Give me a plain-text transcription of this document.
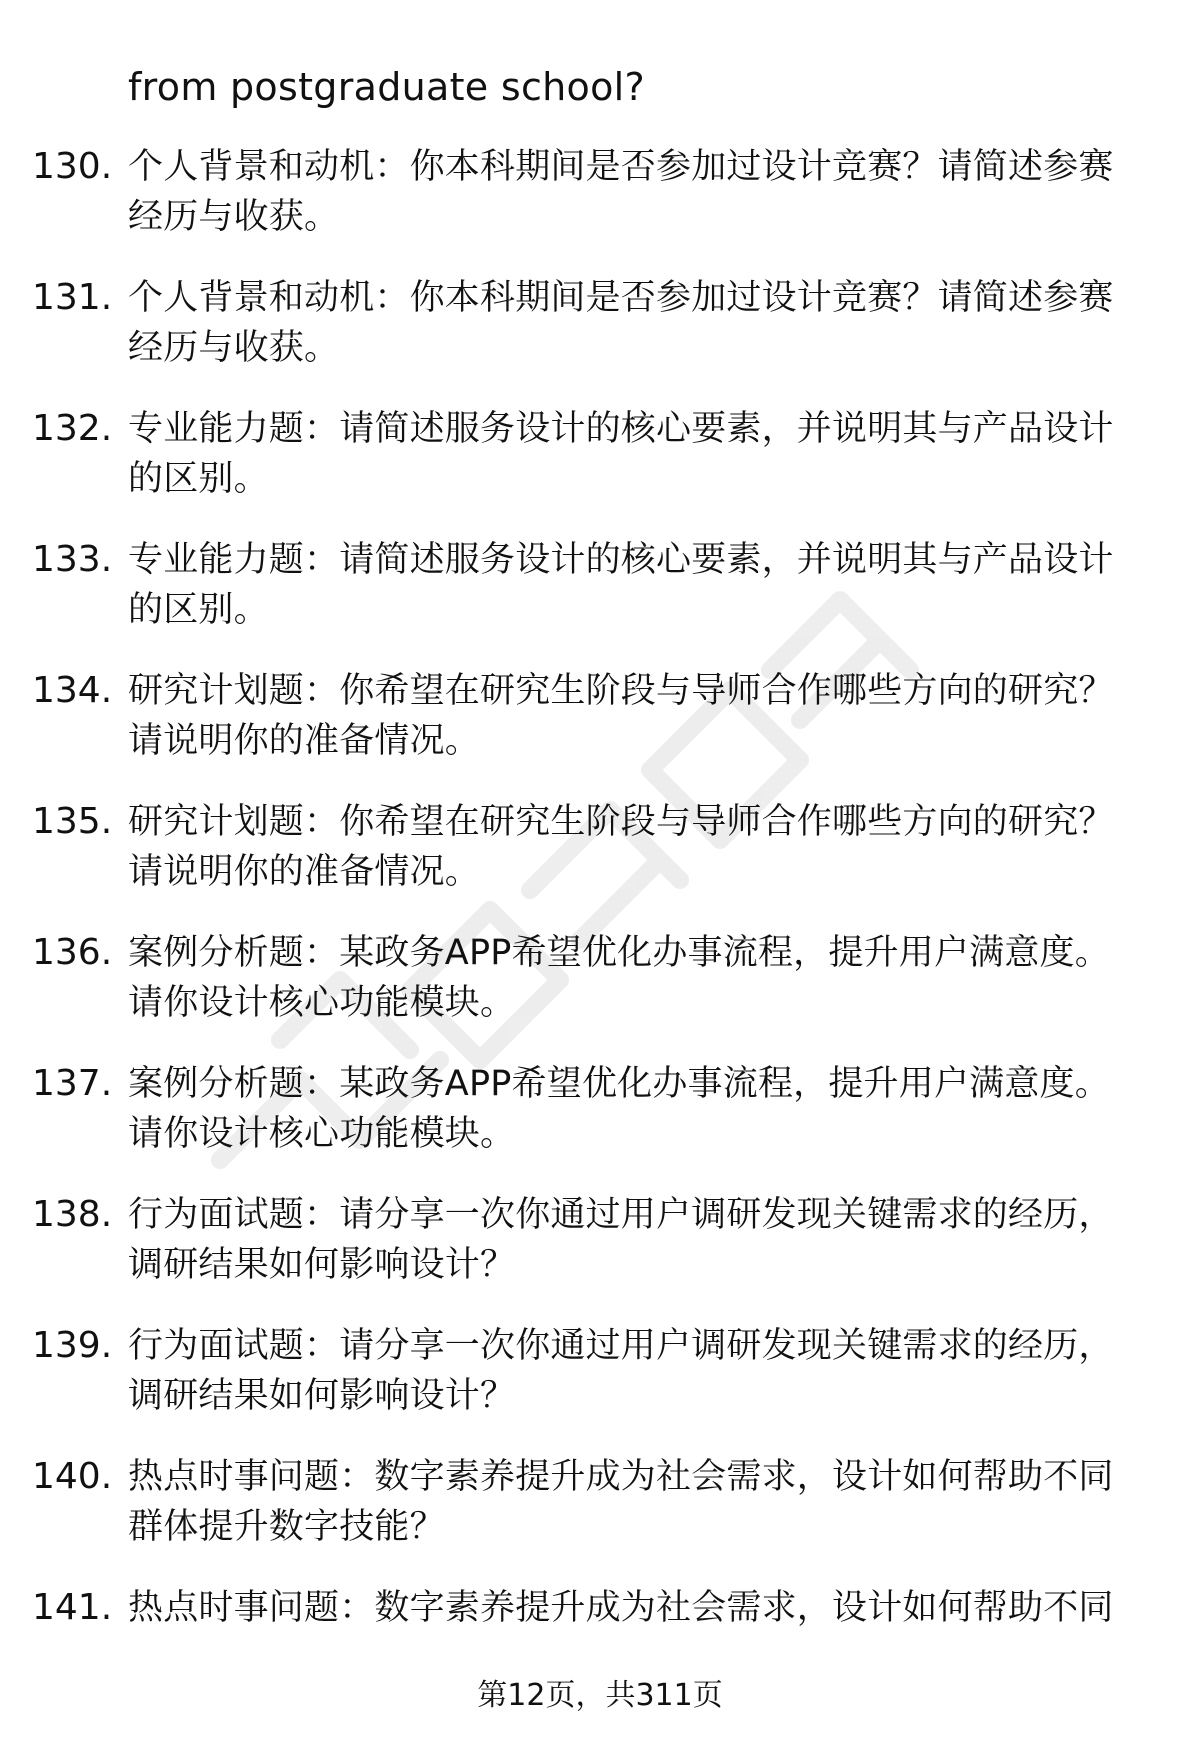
from postgraduate school?
130. 个人背景和动机：你本科期间是否参加过设计竞赛？请简述参赛经历与收获。
131. 个人背景和动机：你本科期间是否参加过设计竞赛？请简述参赛经历与收获。
132. 专业能力题：请简述服务设计的核心要素，并说明其与产品设计的区别。
133. 专业能力题：请简述服务设计的核心要素，并说明其与产品设计的区别。
134. 研究计划题：你希望在研究生阶段与导师合作哪些方向的研究？请说明你的准备情况。
135. 研究计划题：你希望在研究生阶段与导师合作哪些方向的研究？请说明你的准备情况。
136. 案例分析题：某政务APP希望优化办事流程，提升用户满意度。请你设计核心功能模块。
137. 案例分析题：某政务APP希望优化办事流程，提升用户满意度。请你设计核心功能模块。
138. 行为面试题：请分享一次你通过用户调研发现关键需求的经历，调研结果如何影响设计？
139. 行为面试题：请分享一次你通过用户调研发现关键需求的经历，调研结果如何影响设计？
140. 热点时事问题：数字素养提升成为社会需求，设计如何帮助不同群体提升数字技能？
141. 热点时事问题：数字素养提升成为社会需求，设计如何帮助不同
第12页，共311页
